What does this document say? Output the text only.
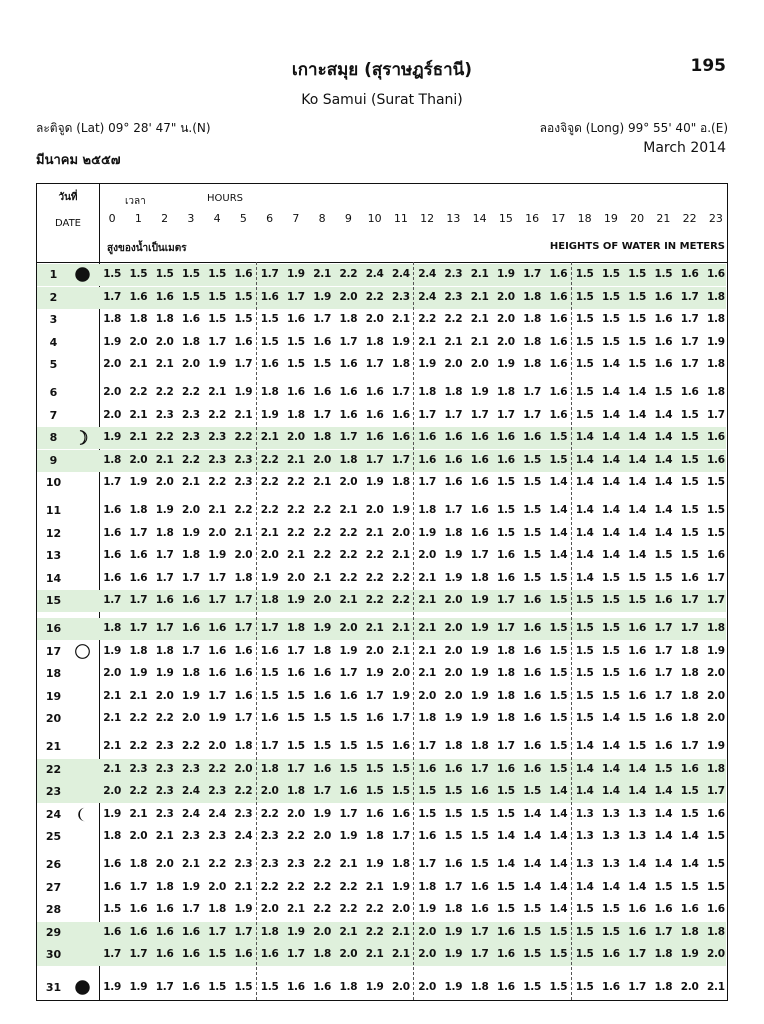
เกาะสมุย (สุราษฎร์ธานี)	195
Ko Samui (Surat Thani)
ละติจูด (Lat) 09° 28' 47" น.(N)	ลองจิจูด (Long) 99° 55' 40" อ.(E)
มีนาคม ๒๕๕๗
March 2014
วันที่
DATE
เวลา	HOURS
สูงของน้ำเป็นเมตร	HEIGHTS OF WATER IN METERS
0	1	2	3	4	5	6	7	8	9	10	11	12	13	14	15	16	17	18	19	20	21	22	23
1	1.5 1.5 1.5 1.5 1.5 1.6 1.7 1.9 2.1 2.2 2.4 2.4 2.4 2.3 2.1 1.9 1.7 1.6 1.5 1.5 1.5 1.5 1.6 1.6
2	1.7 1.6 1.6 1.5 1.5 1.5 1.6 1.7 1.9 2.0 2.2 2.3 2.4 2.3 2.1 2.0 1.8 1.6 1.5 1.5 1.5 1.6 1.7 1.8
3	1.8 1.8 1.8 1.6 1.5 1.5 1.5 1.6 1.7 1.8 2.0 2.1 2.2 2.2 2.1 2.0 1.8 1.6 1.5 1.5 1.5 1.6 1.7 1.8
4	1.9 2.0 2.0 1.8 1.7 1.6 1.5 1.5 1.6 1.7 1.8 1.9 2.1 2.1 2.1 2.0 1.8 1.6 1.5 1.5 1.5 1.6 1.7 1.9
5	2.0 2.1 2.1 2.0 1.9 1.7 1.6 1.5 1.5 1.6 1.7 1.8 1.9 2.0 2.0 1.9 1.8 1.6 1.5 1.4 1.5 1.6 1.7 1.8
6	2.0 2.2 2.2 2.2 2.1 1.9 1.8 1.6 1.6 1.6 1.6 1.7 1.8 1.8 1.9 1.8 1.7 1.6 1.5 1.4 1.4 1.5 1.6 1.8
7	2.0 2.1 2.3 2.3 2.2 2.1 1.9 1.8 1.7 1.6 1.6 1.6 1.7 1.7 1.7 1.7 1.7 1.6 1.5 1.4 1.4 1.4 1.5 1.7
8	1.9 2.1 2.2 2.3 2.3 2.2 2.1 2.0 1.8 1.7 1.6 1.6 1.6 1.6 1.6 1.6 1.6 1.5 1.4 1.4 1.4 1.4 1.5 1.6
9	1.8 2.0 2.1 2.2 2.3 2.3 2.2 2.1 2.0 1.8 1.7 1.7 1.6 1.6 1.6 1.6 1.5 1.5 1.4 1.4 1.4 1.4 1.5 1.6
10	1.7 1.9 2.0 2.1 2.2 2.3 2.2 2.2 2.1 2.0 1.9 1.8 1.7 1.6 1.6 1.5 1.5 1.4 1.4 1.4 1.4 1.4 1.5 1.5
11	1.6 1.8 1.9 2.0 2.1 2.2 2.2 2.2 2.2 2.1 2.0 1.9 1.8 1.7 1.6 1.5 1.5 1.4 1.4 1.4 1.4 1.4 1.5 1.5
12	1.6 1.7 1.8 1.9 2.0 2.1 2.1 2.2 2.2 2.2 2.1 2.0 1.9 1.8 1.6 1.5 1.5 1.4 1.4 1.4 1.4 1.4 1.5 1.5
13	1.6 1.6 1.7 1.8 1.9 2.0 2.0 2.1 2.2 2.2 2.2 2.1 2.0 1.9 1.7 1.6 1.5 1.4 1.4 1.4 1.4 1.5 1.5 1.6
14	1.6 1.6 1.7 1.7 1.7 1.8 1.9 2.0 2.1 2.2 2.2 2.2 2.1 1.9 1.8 1.6 1.5 1.5 1.4 1.5 1.5 1.5 1.6 1.7
15	1.7 1.7 1.6 1.6 1.7 1.7 1.8 1.9 2.0 2.1 2.2 2.2 2.1 2.0 1.9 1.7 1.6 1.5 1.5 1.5 1.5 1.6 1.7 1.7
16	1.8 1.7 1.7 1.6 1.6 1.7 1.7 1.8 1.9 2.0 2.1 2.1 2.1 2.0 1.9 1.7 1.6 1.5 1.5 1.5 1.6 1.7 1.7 1.8
17	1.9 1.8 1.8 1.7 1.6 1.6 1.6 1.7 1.8 1.9 2.0 2.1 2.1 2.0 1.9 1.8 1.6 1.5 1.5 1.5 1.6 1.7 1.8 1.9
18	2.0 1.9 1.9 1.8 1.6 1.6 1.5 1.6 1.6 1.7 1.9 2.0 2.1 2.0 1.9 1.8 1.6 1.5 1.5 1.5 1.6 1.7 1.8 2.0
19	2.1 2.1 2.0 1.9 1.7 1.6 1.5 1.5 1.6 1.6 1.7 1.9 2.0 2.0 1.9 1.8 1.6 1.5 1.5 1.5 1.6 1.7 1.8 2.0
20	2.1 2.2 2.2 2.0 1.9 1.7 1.6 1.5 1.5 1.5 1.6 1.7 1.8 1.9 1.9 1.8 1.6 1.5 1.5 1.4 1.5 1.6 1.8 2.0
21	2.1 2.2 2.3 2.2 2.0 1.8 1.7 1.5 1.5 1.5 1.5 1.6 1.7 1.8 1.8 1.7 1.6 1.5 1.4 1.4 1.5 1.6 1.7 1.9
22	2.1 2.3 2.3 2.3 2.2 2.0 1.8 1.7 1.6 1.5 1.5 1.5 1.6 1.6 1.7 1.6 1.6 1.5 1.4 1.4 1.4 1.5 1.6 1.8
23	2.0 2.2 2.3 2.4 2.3 2.2 2.0 1.8 1.7 1.6 1.5 1.5 1.5 1.5 1.6 1.5 1.5 1.4 1.4 1.4 1.4 1.4 1.5 1.7
24	1.9 2.1 2.3 2.4 2.4 2.3 2.2 2.0 1.9 1.7 1.6 1.6 1.5 1.5 1.5 1.5 1.4 1.4 1.3 1.3 1.3 1.4 1.5 1.6
25	1.8 2.0 2.1 2.3 2.3 2.4 2.3 2.2 2.0 1.9 1.8 1.7 1.6 1.5 1.5 1.4 1.4 1.4 1.3 1.3 1.3 1.4 1.4 1.5
26	1.6 1.8 2.0 2.1 2.2 2.3 2.3 2.3 2.2 2.1 1.9 1.8 1.7 1.6 1.5 1.4 1.4 1.4 1.3 1.3 1.4 1.4 1.4 1.5
27	1.6 1.7 1.8 1.9 2.0 2.1 2.2 2.2 2.2 2.2 2.1 1.9 1.8 1.7 1.6 1.5 1.4 1.4 1.4 1.4 1.4 1.5 1.5 1.5
28	1.5 1.6 1.6 1.7 1.8 1.9 2.0 2.1 2.2 2.2 2.2 2.0 1.9 1.8 1.6 1.5 1.5 1.4 1.5 1.5 1.6 1.6 1.6 1.6
29	1.6 1.6 1.6 1.6 1.7 1.7 1.8 1.9 2.0 2.1 2.2 2.1 2.0 1.9 1.7 1.6 1.5 1.5 1.5 1.5 1.6 1.7 1.8 1.8
30	1.7 1.7 1.6 1.6 1.5 1.6 1.6 1.7 1.8 2.0 2.1 2.1 2.0 1.9 1.7 1.6 1.5 1.5 1.5 1.6 1.7 1.8 1.9 2.0
31	1.9 1.9 1.7 1.6 1.5 1.5 1.5 1.6 1.6 1.8 1.9 2.0 2.0 1.9 1.8 1.6 1.5 1.5 1.5 1.6 1.7 1.8 2.0 2.1
